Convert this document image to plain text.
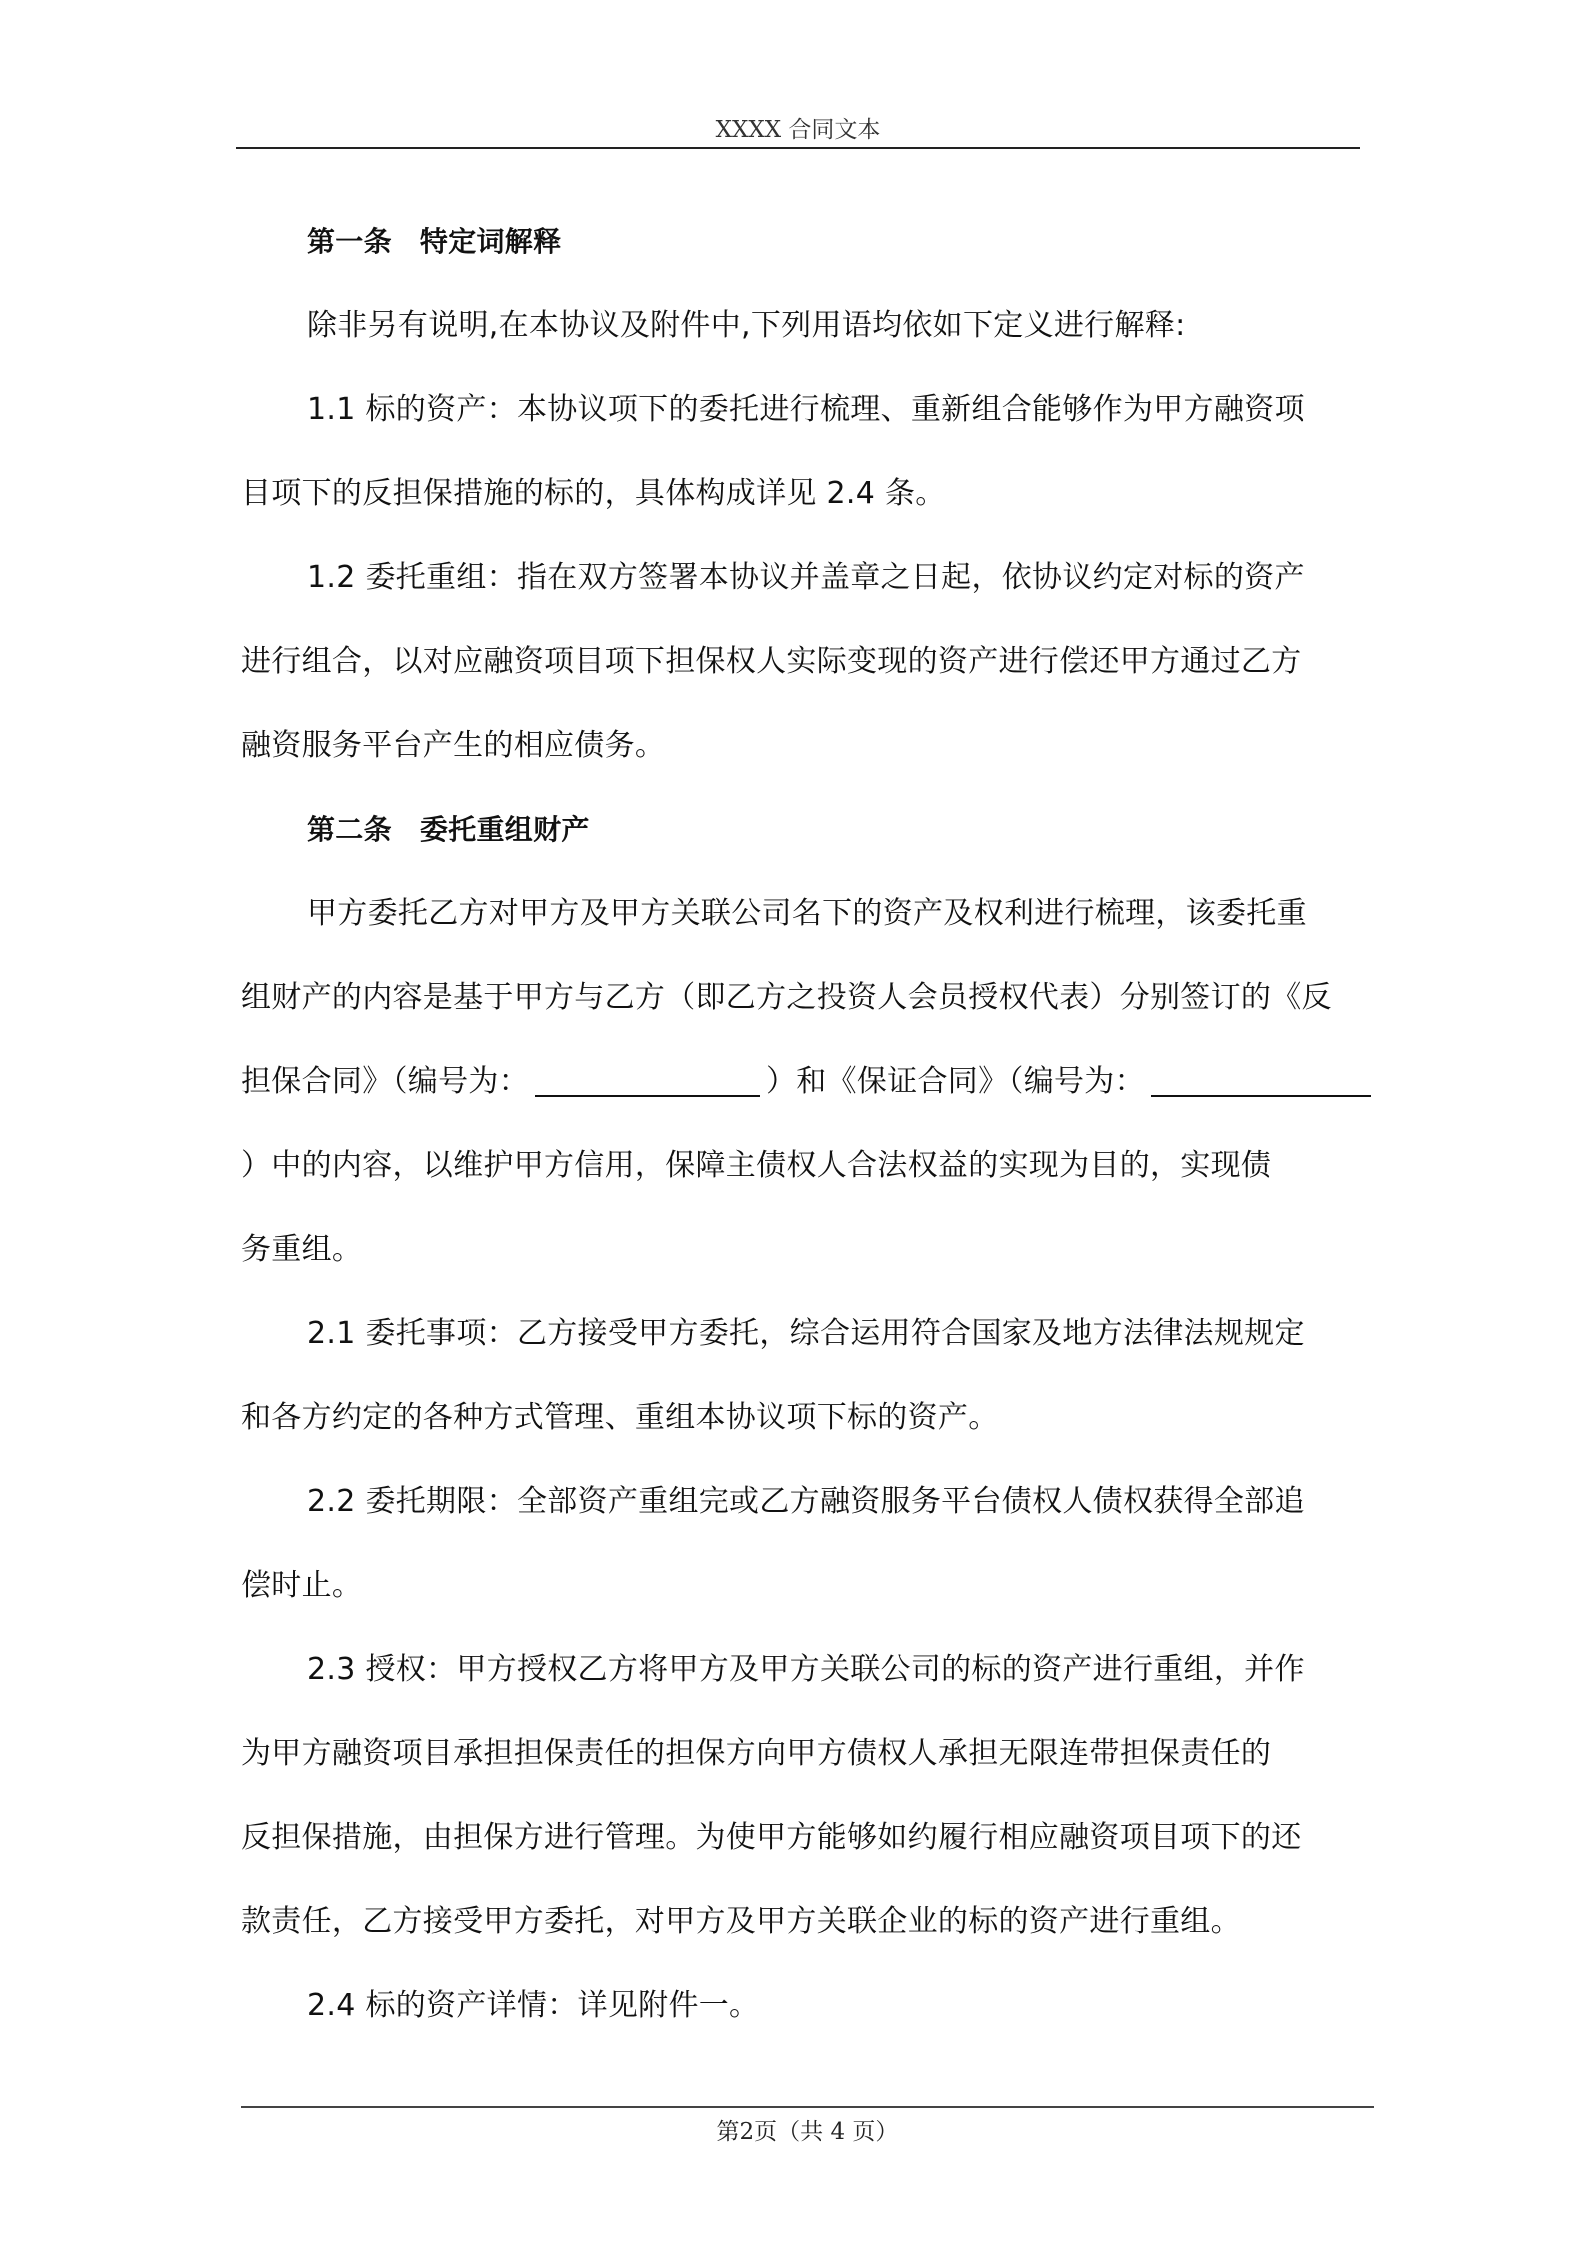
XXXX 合同文本
第一条 特定词解释
除非另有说明,在本协议及附件中,下列用语均依如下定义进行解释:
1.1 标的资产：本协议项下的委托进行梳理、重新组合能够作为甲方融资项
目项下的反担保措施的标的，具体构成详见 2.4 条。
1.2 委托重组：指在双方签署本协议并盖章之日起，依协议约定对标的资产
进行组合，以对应融资项目项下担保权人实际变现的资产进行偿还甲方通过乙方
融资服务平台产生的相应债务。
第二条 委托重组财产
甲方委托乙方对甲方及甲方关联公司名下的资产及权利进行梳理，该委托重
组财产的内容是基于甲方与乙方（即乙方之投资人会员授权代表）分别签订的《反
担保合同》（编号为：	）和《保证合同》（编号为：
）中的内容，以维护甲方信用，保障主债权人合法权益的实现为目的，实现债
务重组。
2.1 委托事项：乙方接受甲方委托，综合运用符合国家及地方法律法规规定
和各方约定的各种方式管理、重组本协议项下标的资产。
2.2 委托期限：全部资产重组完或乙方融资服务平台债权人债权获得全部追
偿时止。
2.3 授权：甲方授权乙方将甲方及甲方关联公司的标的资产进行重组，并作
为甲方融资项目承担担保责任的担保方向甲方债权人承担无限连带担保责任的
反担保措施，由担保方进行管理。为使甲方能够如约履行相应融资项目项下的还
款责任，乙方接受甲方委托，对甲方及甲方关联企业的标的资产进行重组。
2.4 标的资产详情：详见附件一。
第2页（共 4 页）
